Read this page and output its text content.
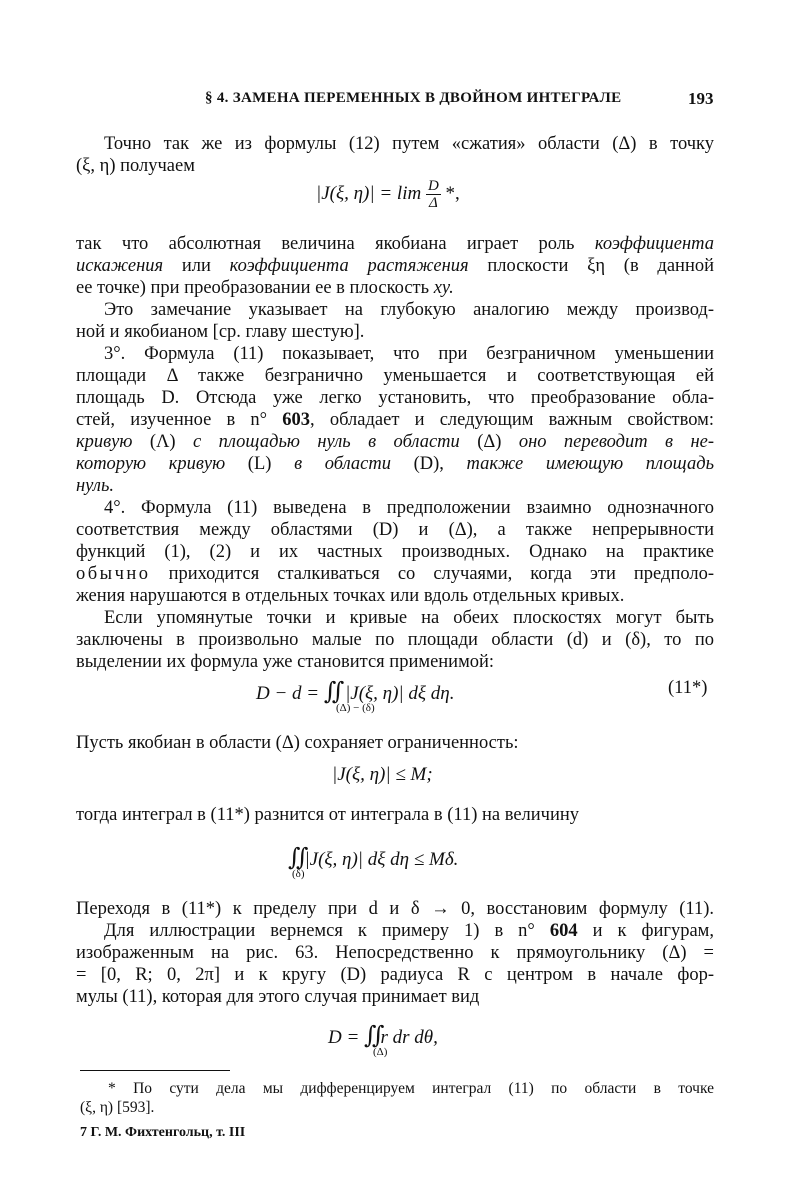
§ 4. ЗАМЕНА ПЕРЕМЕННЫХ В ДВОЙНОМ ИНТЕГРАЛЕ	193
Точно так же из формулы (12) путем «сжатия» области (Δ) в точку
(ξ, η) получаем
|J(ξ, $\eta)| = \lim \frac{D}{\Delta}$ *,
так что абсолютная величина якобиана играет роль коэффициента
искажения или коэффициента растяжения плоскости ξη (в данной
ее точке) при преобразовании ее в плоскость xy.
Это замечание указывает на глубокую аналогию между производ-
ной и якобианом [ср. главу шестую].
3°. Формула (11) показывает, что при безграничном уменьшении
площади Δ также безгранично уменьшается и соответствующая ей
площадь D. Отсюда уже легко установить, что преобразование обла-
стей, изученное в n° 603, обладает и следующим важным свойством:
кривую (Λ) с площадью нуль в области (Δ) оно переводит в не-
которую кривую (L) в области (D), также имеющую площадь
нуль.
4°. Формула (11) выведена в предположении взаимно однозначного
соответствия между областями (D) и (Δ), а также непрерывности
функций (1), (2) и их частных производных. Однако на практике
обычно приходится сталкиваться со случаями, когда эти предполо-
жения нарушаются в отдельных точках или вдоль отдельных кривых.
Если упомянутые точки и кривые на обеих плоскостях могут быть
заключены в произвольно малые по площади области (d) и (δ), то по
выделении их формула уже становится применимой:
D − d = ∬ |J(ξ, η)| dξ dη.
(Δ) − (δ)
(11*)
Пусть якобиан в области (Δ) сохраняет ограниченность:
|J(ξ, η)| ≤ M;
тогда интеграл в (11*) разнится от интеграла в (11) на величину
∬|J(ξ, η)| dξ dη ≤ Mδ.
(δ)
Переходя в (11*) к пределу при d и δ → 0, восстановим формулу (11).
Для иллюстрации вернемся к примеру 1) в n° 604 и к фигурам,
изображенным на рис. 63. Непосредственно к прямоугольнику (Δ) =
= [0, R; 0, 2π] и к кругу (D) радиуса R с центром в начале фор-
мулы (11), которая для этого случая принимает вид
D = ∬r dr dθ,
(Δ)
* По сути дела мы дифференцируем интеграл (11) по области в точке
(ξ, η) [593].
7 Г. М. Фихтенгольц, т. III
